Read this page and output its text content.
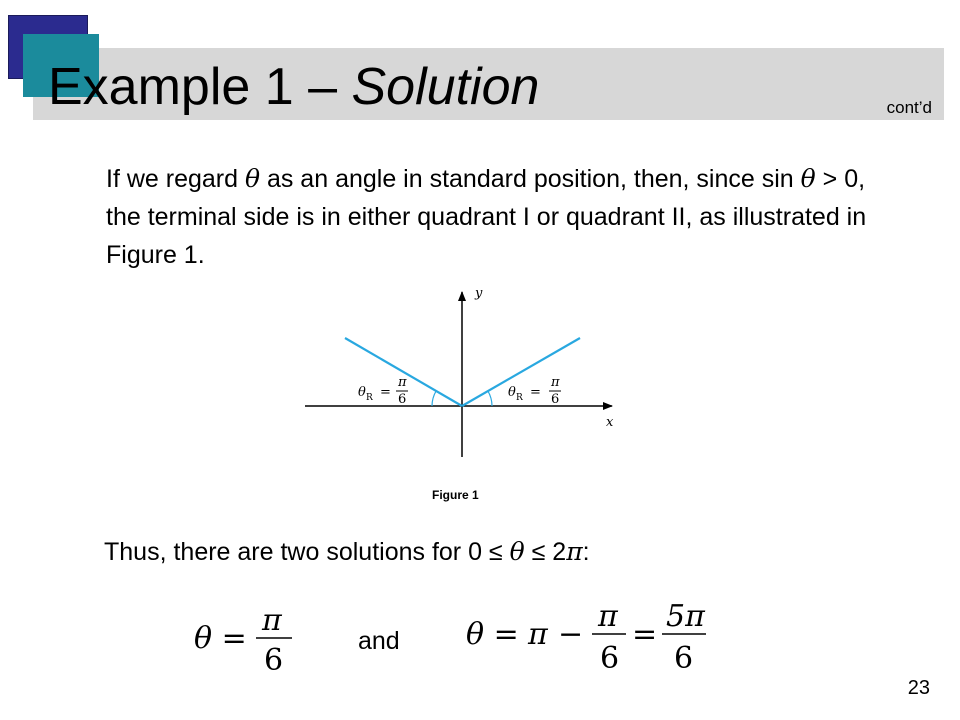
Example 1 – Solution	cont’d

If we regard θ as an angle in standard position, then, since sin θ > 0, the terminal side is in either quadrant I or quadrant II, as illustrated in Figure 1.

y
x
θ R =
π
6	θ R =
π
6
Figure 1

Thus, there are two solutions for 0 ≤ θ ≤ 2π:

θ =
π
6
and θ = π −
π
6
=
5π
6
23
